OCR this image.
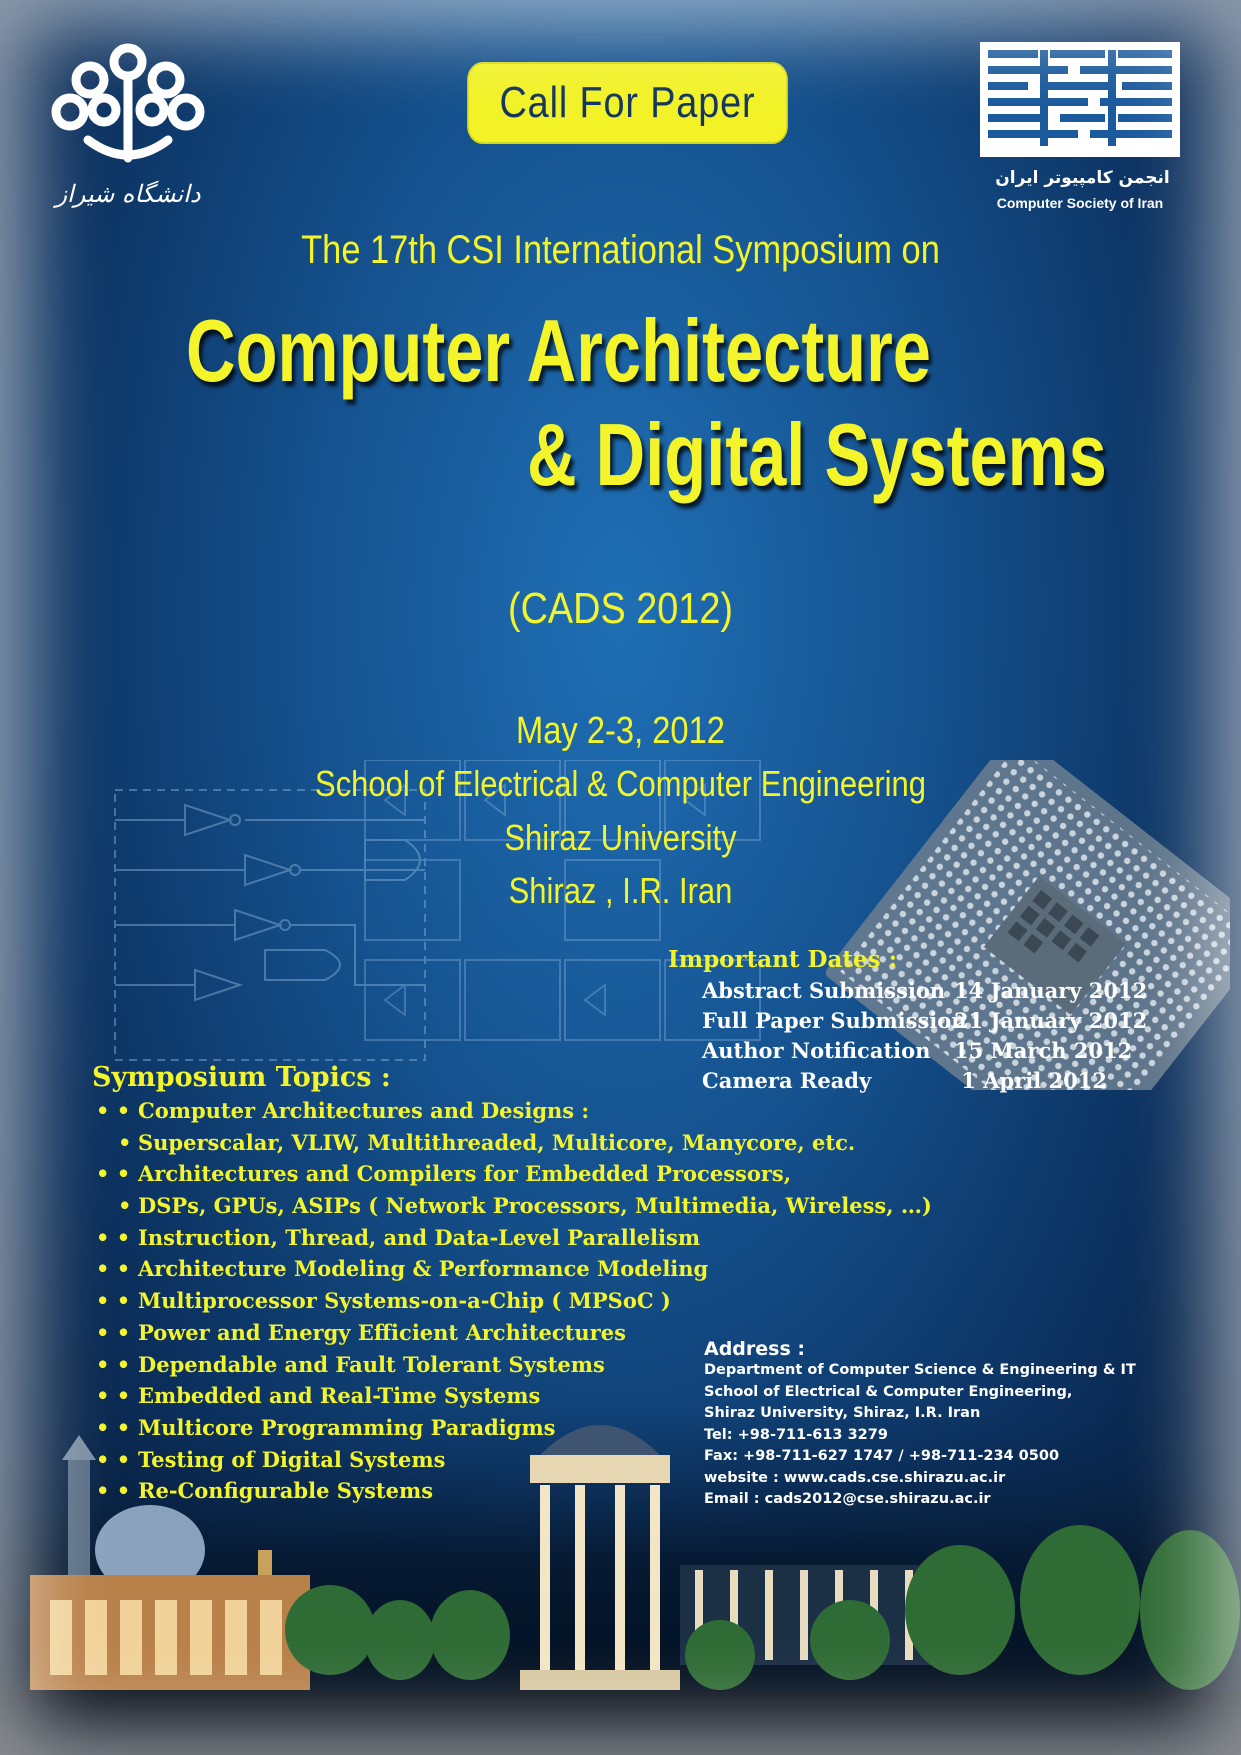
دانشگاه شیراز
انجمن کامپیوتر ایران
Computer Society of Iran
Call For Paper
The 17th CSI International Symposium on
Computer Architecture
& Digital Systems
(CADS 2012)
May 2-3, 2012
School of Electrical & Computer Engineering
Shiraz University
Shiraz , I.R. Iran
Important Dates :
Abstract Submission 14 January 2012
Full Paper Submission
21 January 2012
Author Notification	15 March 2012
Camera Ready	1 April 2012
Symposium Topics :
• • Computer Architectures and Designs :
• Superscalar, VLIW, Multithreaded, Multicore, Manycore, etc.
• • Architectures and Compilers for Embedded Processors,
• DSPs, GPUs, ASIPs ( Network Processors, Multimedia, Wireless, …)
• • Instruction, Thread, and Data-Level Parallelism
• • Architecture Modeling & Performance Modeling
• • Multiprocessor Systems-on-a-Chip ( MPSoC )
• • Power and Energy Efficient Architectures
• • Dependable and Fault Tolerant Systems
• • Embedded and Real-Time Systems
• • Multicore Programming Paradigms
• • Testing of Digital Systems
• • Re-Configurable Systems
Address :
Department of Computer Science & Engineering & IT
School of Electrical & Computer Engineering,
Shiraz University, Shiraz, I.R. Iran
Tel: +98-711-613 3279
Fax: +98-711-627 1747 / +98-711-234 0500
website : www.cads.cse.shirazu.ac.ir
Email : cads2012@cse.shirazu.ac.ir
